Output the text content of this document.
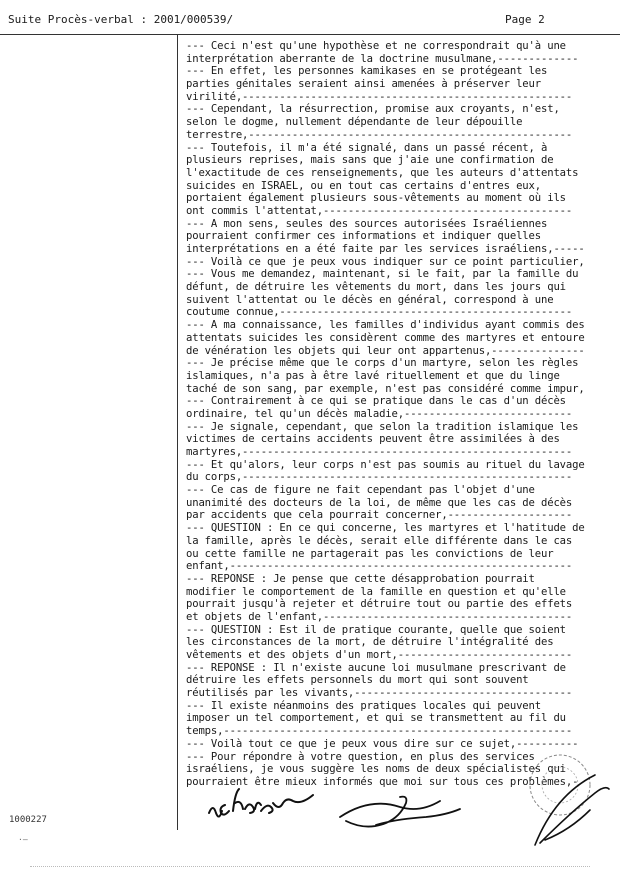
Suite Procès-verbal : 2001/000539/

	Page 2

--- Ceci n'est qu'une hypothèse et ne correspondrait qu'à une
interprétation aberrante de la doctrine musulmane,-------------
--- En effet, les personnes kamikases en se protégeant les
parties génitales seraient ainsi amenées à préserver leur
virilité,-----------------------------------------------------
--- Cependant, la résurrection, promise aux croyants, n'est,
selon le dogme, nullement dépendante de leur dépouille
terrestre,----------------------------------------------------
--- Toutefois, il m'a été signalé, dans un passé récent, à
plusieurs reprises, mais sans que j'aie une confirmation de
l'exactitude de ces renseignements, que les auteurs d'attentats
suicides en ISRAEL, ou en tout cas certains d'entres eux,
portaient également plusieurs sous-vêtements au moment où ils
ont commis l'attentat,----------------------------------------
--- A mon sens, seules des sources autorisées Israéliennes
pourraient confirmer ces informations et indiquer quelles
interprétations en a été faite par les services israéliens,-----
--- Voilà ce que je peux vous indiquer sur ce point particulier,
--- Vous me demandez, maintenant, si le fait, par la famille du
défunt, de détruire les vêtements du mort, dans les jours qui
suivent l'attentat ou le décès en général, correspond à une
coutume connue,-----------------------------------------------
--- A ma connaissance, les familles d'individus ayant commis des
attentats suicides les considèrent comme des martyres et entoure
de vénération les objets qui leur ont appartenus,---------------
--- Je précise même que le corps d'un martyre, selon les règles
islamiques, n'a pas à être lavé rituellement et que du linge
taché de son sang, par exemple, n'est pas considéré comme impur,
--- Contrairement à ce qui se pratique dans le cas d'un décès
ordinaire, tel qu'un décès maladie,---------------------------
--- Je signale, cependant, que selon la tradition islamique les
victimes de certains accidents peuvent être assimilées à des
martyres,-----------------------------------------------------
--- Et qu'alors, leur corps n'est pas soumis au rituel du lavage
du corps,-----------------------------------------------------
--- Ce cas de figure ne fait cependant pas l'objet d'une
unanimité des docteurs de la loi, de même que les cas de décès
par accidents que cela pourrait concerner,--------------------
--- QUESTION : En ce qui concerne, les martyres et l'hatitude de
la famille, après le décès, serait elle différente dans le cas
ou cette famille ne partagerait pas les convictions de leur
enfant,-------------------------------------------------------
--- REPONSE : Je pense que cette désapprobation pourrait
modifier le comportement de la famille en question et qu'elle
pourrait jusqu'à rejeter et détruire tout ou partie des effets
et objets de l'enfant,----------------------------------------
--- QUESTION : Est il de pratique courante, quelle que soient
les circonstances de la mort, de détruire l'intégralité des
vêtements et des objets d'un mort,----------------------------
--- REPONSE : Il n'existe aucune loi musulmane prescrivant de
détruire les effets personnels du mort qui sont souvent
réutilisés par les vivants,-----------------------------------
--- Il existe néanmoins des pratiques locales qui peuvent
imposer un tel comportement, et qui se transmettent au fil du
temps,--------------------------------------------------------
--- Voilà tout ce que je peux vous dire sur ce sujet,----------
--- Pour répondre à votre question, en plus des services
israéliens, je vous suggère les noms de deux spécialistes qui
pourraient être mieux informés que moi sur tous ces problèmes,-
1000227
·–
